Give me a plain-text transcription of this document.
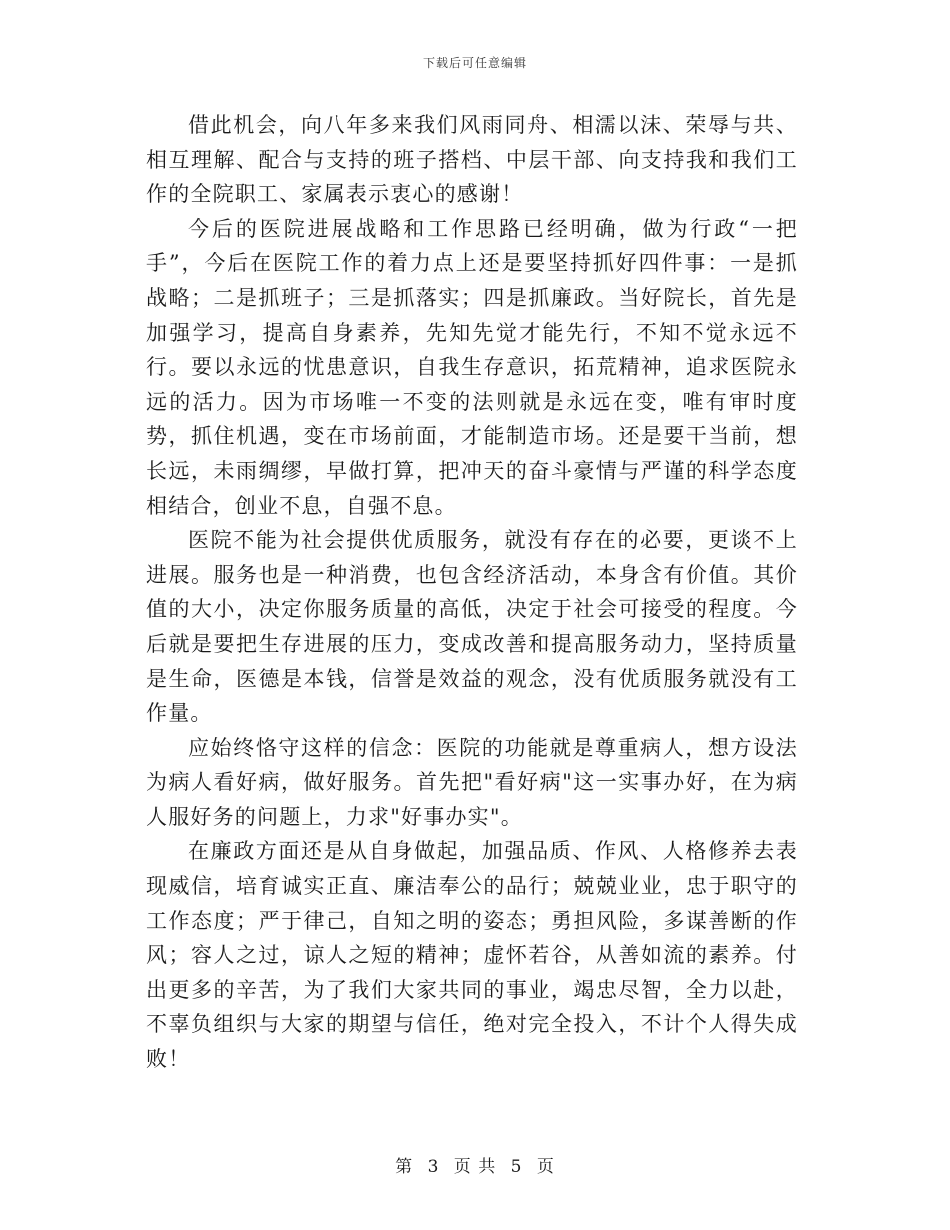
下载后可任意编辑

借此机会，向八年多来我们风雨同舟、相濡以沫、荣辱与共、相互理解、配合与支持的班子搭档、中层干部、向支持我和我们工作的全院职工、家属表示衷心的感谢！

今后的医院进展战略和工作思路已经明确，做为行政“一把手”，今后在医院工作的着力点上还是要坚持抓好四件事：一是抓战略；二是抓班子；三是抓落实；四是抓廉政。当好院长，首先是加强学习，提高自身素养，先知先觉才能先行，不知不觉永远不行。要以永远的忧患意识，自我生存意识，拓荒精神，追求医院永远的活力。因为市场唯一不变的法则就是永远在变，唯有审时度势，抓住机遇，变在市场前面，才能制造市场。还是要干当前，想长远，未雨绸缪，早做打算，把冲天的奋斗豪情与严谨的科学态度相结合，创业不息，自强不息。

医院不能为社会提供优质服务，就没有存在的必要，更谈不上进展。服务也是一种消费，也包含经济活动，本身含有价值。其价值的大小，决定你服务质量的高低，决定于社会可接受的程度。今后就是要把生存进展的压力，变成改善和提高服务动力，坚持质量是生命，医德是本钱，信誉是效益的观念，没有优质服务就没有工作量。

应始终恪守这样的信念：医院的功能就是尊重病人，想方设法为病人看好病，做好服务。首先把"看好病"这一实事办好，在为病人服好务的问题上，力求"好事办实"。

在廉政方面还是从自身做起，加强品质、作风、人格修养去表现威信，培育诚实正直、廉洁奉公的品行；兢兢业业，忠于职守的工作态度；严于律己，自知之明的姿态；勇担风险，多谋善断的作风；容人之过，谅人之短的精神；虚怀若谷，从善如流的素养。付出更多的辛苦，为了我们大家共同的事业，竭忠尽智，全力以赴，不辜负组织与大家的期望与信任，绝对完全投入，不计个人得失成败！

第 3 页 共 5 页
